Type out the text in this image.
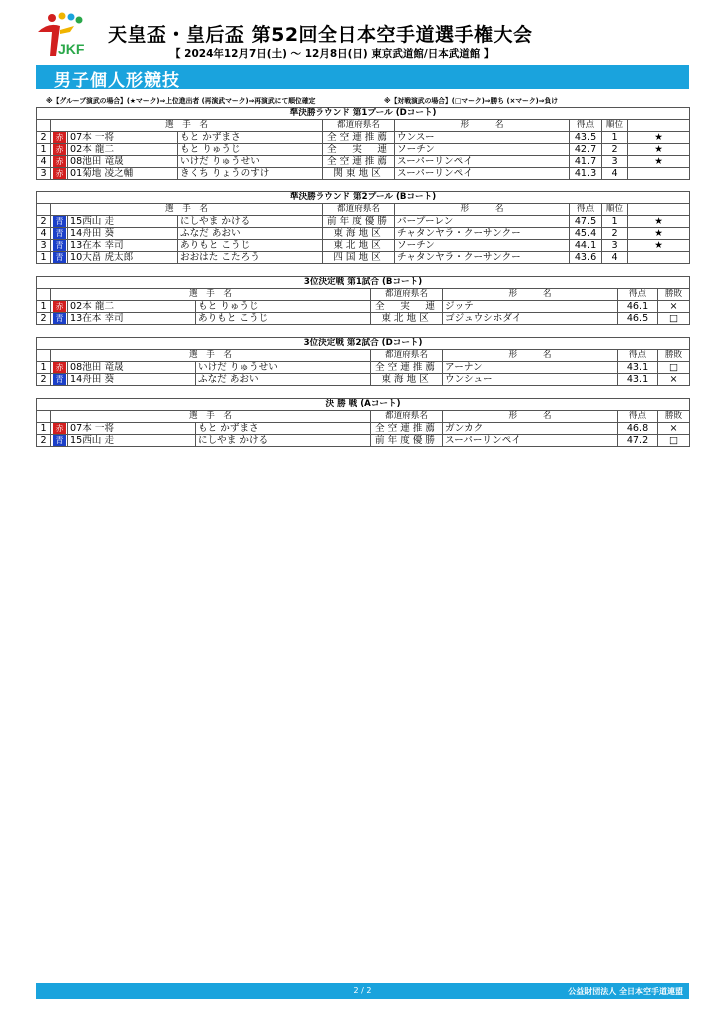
JKF
天皇盃・皇后盃 第52回全日本空手道選手権大会
【 2024年12月7日(土) ～ 12月8日(日) 東京武道館/日本武道館 】
男子個人形競技
※【グループ演武の場合】(★マーク)⇒上位進出者 (再演武マーク)⇒再演武にて順位確定	※【対戦演武の場合】(□マーク)⇒勝ち (×マーク)⇒負け
準決勝ラウンド 第1プール (Dコート)								
	選　手　名			都道府県名	形　　　名	得点	順位	
2	赤	07本 一将	もと かずまさ	全空連推薦	ウンスー	43.5	1	★
1	赤	02本 龍二	もと りゅうじ	全　実　連	ソーチン	42.7	2	★
4	赤	08池田 竜晟	いけだ りゅうせい	全空連推薦	スーパーリンペイ	41.7	3	★
3	赤	01菊地 凌之輔	きくち りょうのすけ	関東地区	スーパーリンペイ	41.3	4	
準決勝ラウンド 第2プール (Bコート)								
	選　手　名			都道府県名	形　　　名	得点	順位	
2	青	15西山 走	にしやま かける	前年度優勝	パープーレン	47.5	1	★
4	青	14舟田 葵	ふなだ あおい	東海地区	チャタンヤラ・クーサンクー	45.4	2	★
3	青	13在本 幸司	ありもと こうじ	東北地区	ソーチン	44.1	3	★
1	青	10大畠 虎太郎	おおはた こたろう	四国地区	チャタンヤラ・クーサンクー	43.6	4	
3位決定戦 第1試合 (Bコート)							
	選　手　名			都道府県名	形　　　名	得点	勝敗
1	赤	02本 龍二	もと りゅうじ	全　実　連	ジッテ	46.1	×
2	青	13在本 幸司	ありもと こうじ	東北地区	ゴジュウシホダイ	46.5	□
3位決定戦 第2試合 (Dコート)							
	選　手　名			都道府県名	形　　　名	得点	勝敗
1	赤	08池田 竜晟	いけだ りゅうせい	全空連推薦	アーナン	43.1	□
2	青	14舟田 葵	ふなだ あおい	東海地区	ウンシュー	43.1	×
決 勝 戦 (Aコート)							
	選　手　名			都道府県名	形　　　名	得点	勝敗
1	赤	07本 一将	もと かずまさ	全空連推薦	ガンカク	46.8	×
2	青	15西山 走	にしやま かける	前年度優勝	スーパーリンペイ	47.2	□
2 / 2	公益財団法人 全日本空手道連盟
